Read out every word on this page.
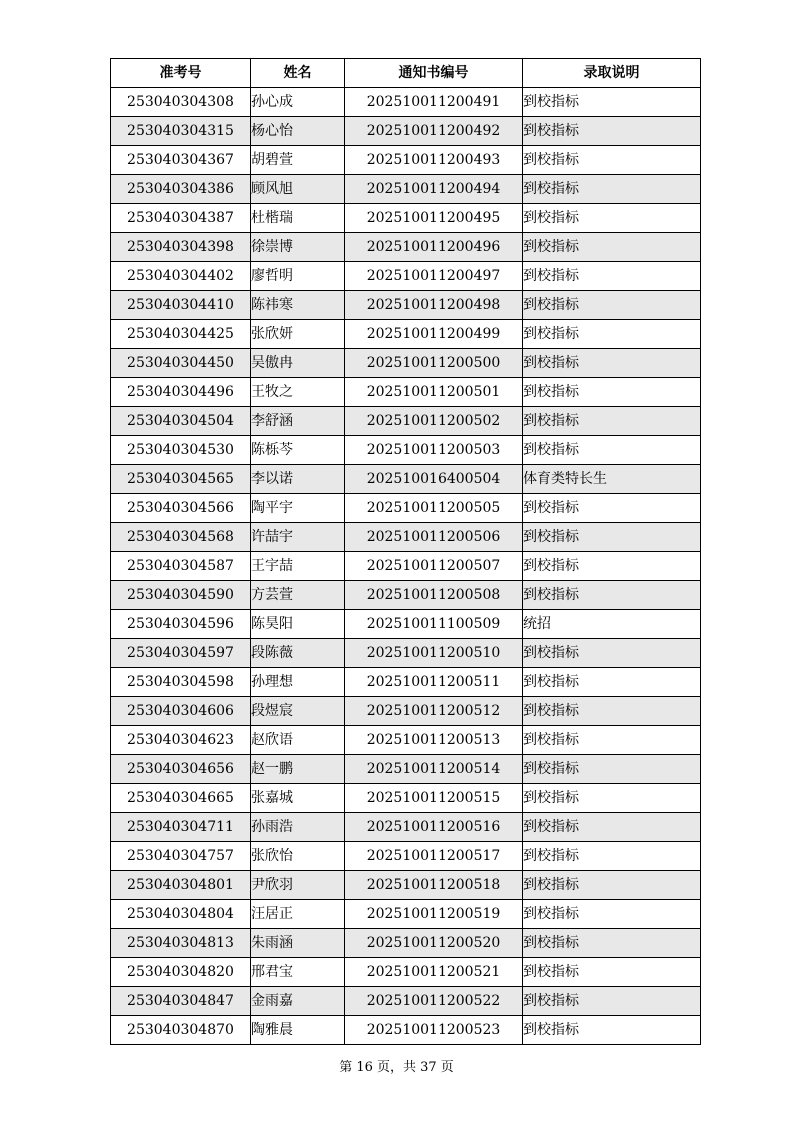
准考号	姓名	通知书编号	录取说明
253040304308	孙心成	202510011200491	到校指标
253040304315	杨心怡	202510011200492	到校指标
253040304367	胡碧萱	202510011200493	到校指标
253040304386	顾风旭	202510011200494	到校指标
253040304387	杜楷瑞	202510011200495	到校指标
253040304398	徐崇博	202510011200496	到校指标
253040304402	廖哲明	202510011200497	到校指标
253040304410	陈祎寒	202510011200498	到校指标
253040304425	张欣妍	202510011200499	到校指标
253040304450	吴傲冉	202510011200500	到校指标
253040304496	王牧之	202510011200501	到校指标
253040304504	李舒涵	202510011200502	到校指标
253040304530	陈栎芩	202510011200503	到校指标
253040304565	李以诺	202510016400504	体育类特长生
253040304566	陶平宇	202510011200505	到校指标
253040304568	许喆宇	202510011200506	到校指标
253040304587	王宇喆	202510011200507	到校指标
253040304590	方芸萱	202510011200508	到校指标
253040304596	陈昊阳	202510011100509	统招
253040304597	段陈薇	202510011200510	到校指标
253040304598	孙理想	202510011200511	到校指标
253040304606	段煜宸	202510011200512	到校指标
253040304623	赵欣语	202510011200513	到校指标
253040304656	赵一鹏	202510011200514	到校指标
253040304665	张嘉城	202510011200515	到校指标
253040304711	孙雨浩	202510011200516	到校指标
253040304757	张欣怡	202510011200517	到校指标
253040304801	尹欣羽	202510011200518	到校指标
253040304804	汪居正	202510011200519	到校指标
253040304813	朱雨涵	202510011200520	到校指标
253040304820	邢君宝	202510011200521	到校指标
253040304847	金雨嘉	202510011200522	到校指标
253040304870	陶雅晨	202510011200523	到校指标
第 16 页，共 37 页
